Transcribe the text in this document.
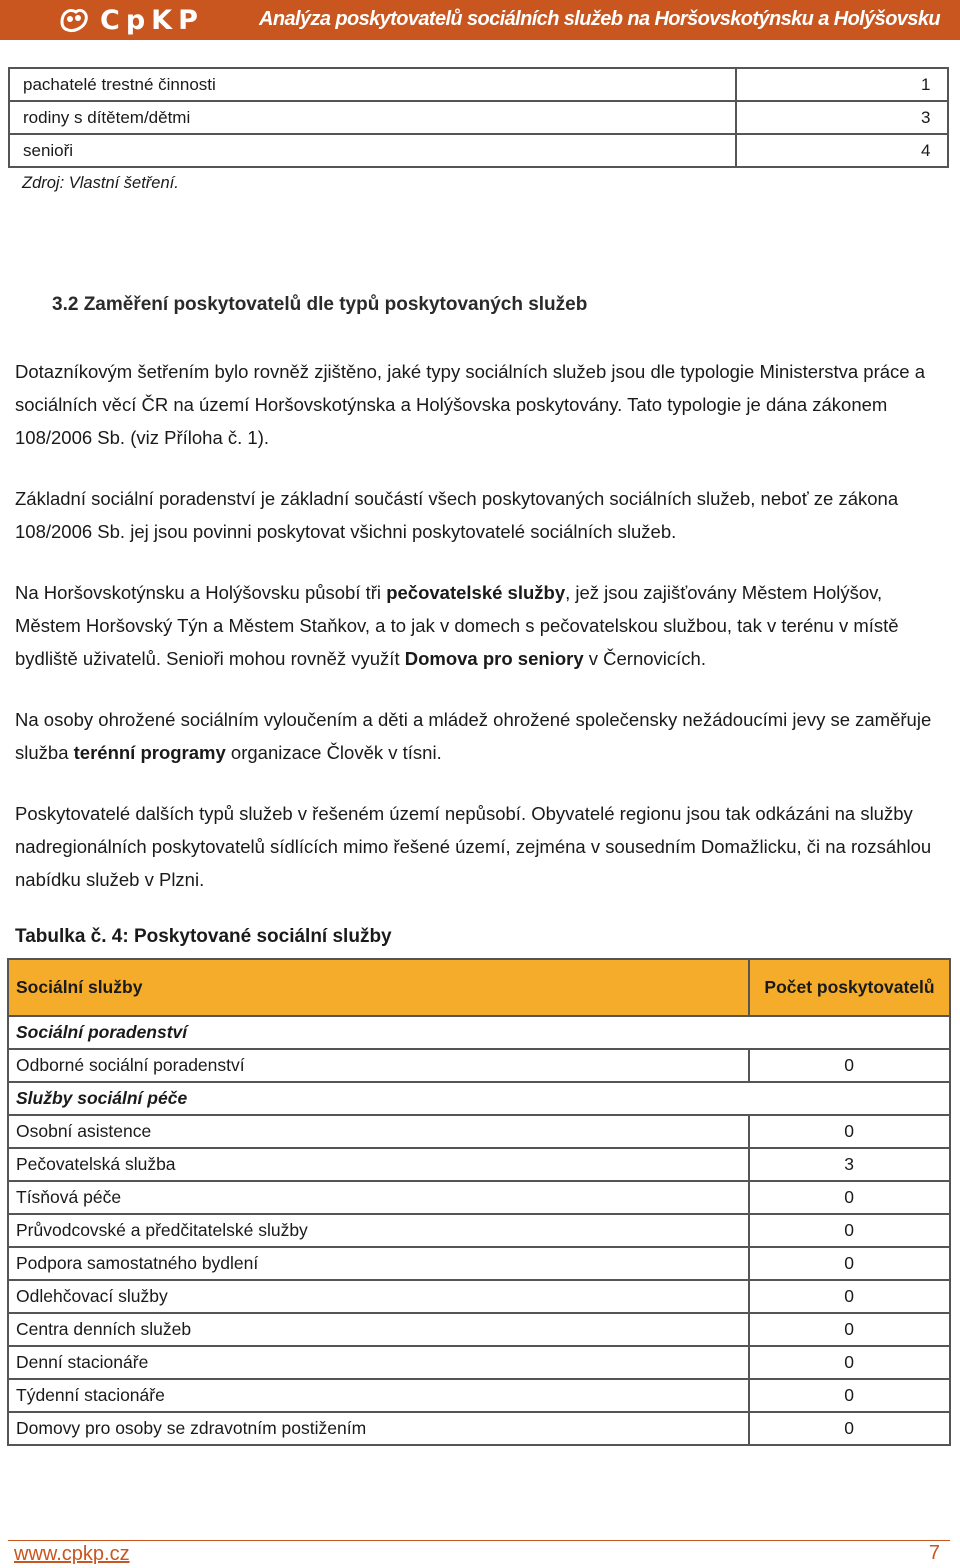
CpKP	Analýza poskytovatelů sociálních služeb na Horšovskotýnsku a Holýšovsku
pachatelé trestné činnosti	1
rodiny s dítětem/dětmi	3
senioři	4
Zdroj: Vlastní šetření.
3.2 Zaměření poskytovatelů dle typů poskytovaných služeb

Dotazníkovým šetřením bylo rovněž zjištěno, jaké typy sociálních služeb jsou dle typologie Ministerstva práce a sociálních věcí ČR na území Horšovskotýnska a Holýšovska poskytovány. Tato typologie je dána zákonem 108/2006 Sb. (viz Příloha č. 1).

Základní sociální poradenství je základní součástí všech poskytovaných sociálních služeb, neboť ze zákona 108/2006 Sb. jej jsou povinni poskytovat všichni poskytovatelé sociálních služeb.

Na Horšovskotýnsku a Holýšovsku působí tři pečovatelské služby, jež jsou zajišťovány Městem Holýšov, Městem Horšovský Týn a Městem Staňkov, a to jak v domech s pečovatelskou službou, tak v terénu v místě bydliště uživatelů. Senioři mohou rovněž využít Domova pro seniory v Černovicích.

Na osoby ohrožené sociálním vyloučením a děti a mládež ohrožené společensky nežádoucími jevy se zaměřuje služba terénní programy organizace Člověk v tísni.

Poskytovatelé dalších typů služeb v řešeném území nepůsobí. Obyvatelé regionu jsou tak odkázáni na služby nadregionálních poskytovatelů sídlících mimo řešené území, zejména v sousedním Domažlicku, či na rozsáhlou nabídku služeb v Plzni.

Tabulka č. 4: Poskytované sociální služby
Sociální služby	Počet poskytovatelů
Sociální poradenství	
Odborné sociální poradenství	0
Služby sociální péče	
Osobní asistence	0
Pečovatelská služba	3
Tísňová péče	0
Průvodcovské a předčitatelské služby	0
Podpora samostatného bydlení	0
Odlehčovací služby	0
Centra denních služeb	0
Denní stacionáře	0
Týdenní stacionáře	0
Domovy pro osoby se zdravotním postižením	0
www.cpkp.cz	7
